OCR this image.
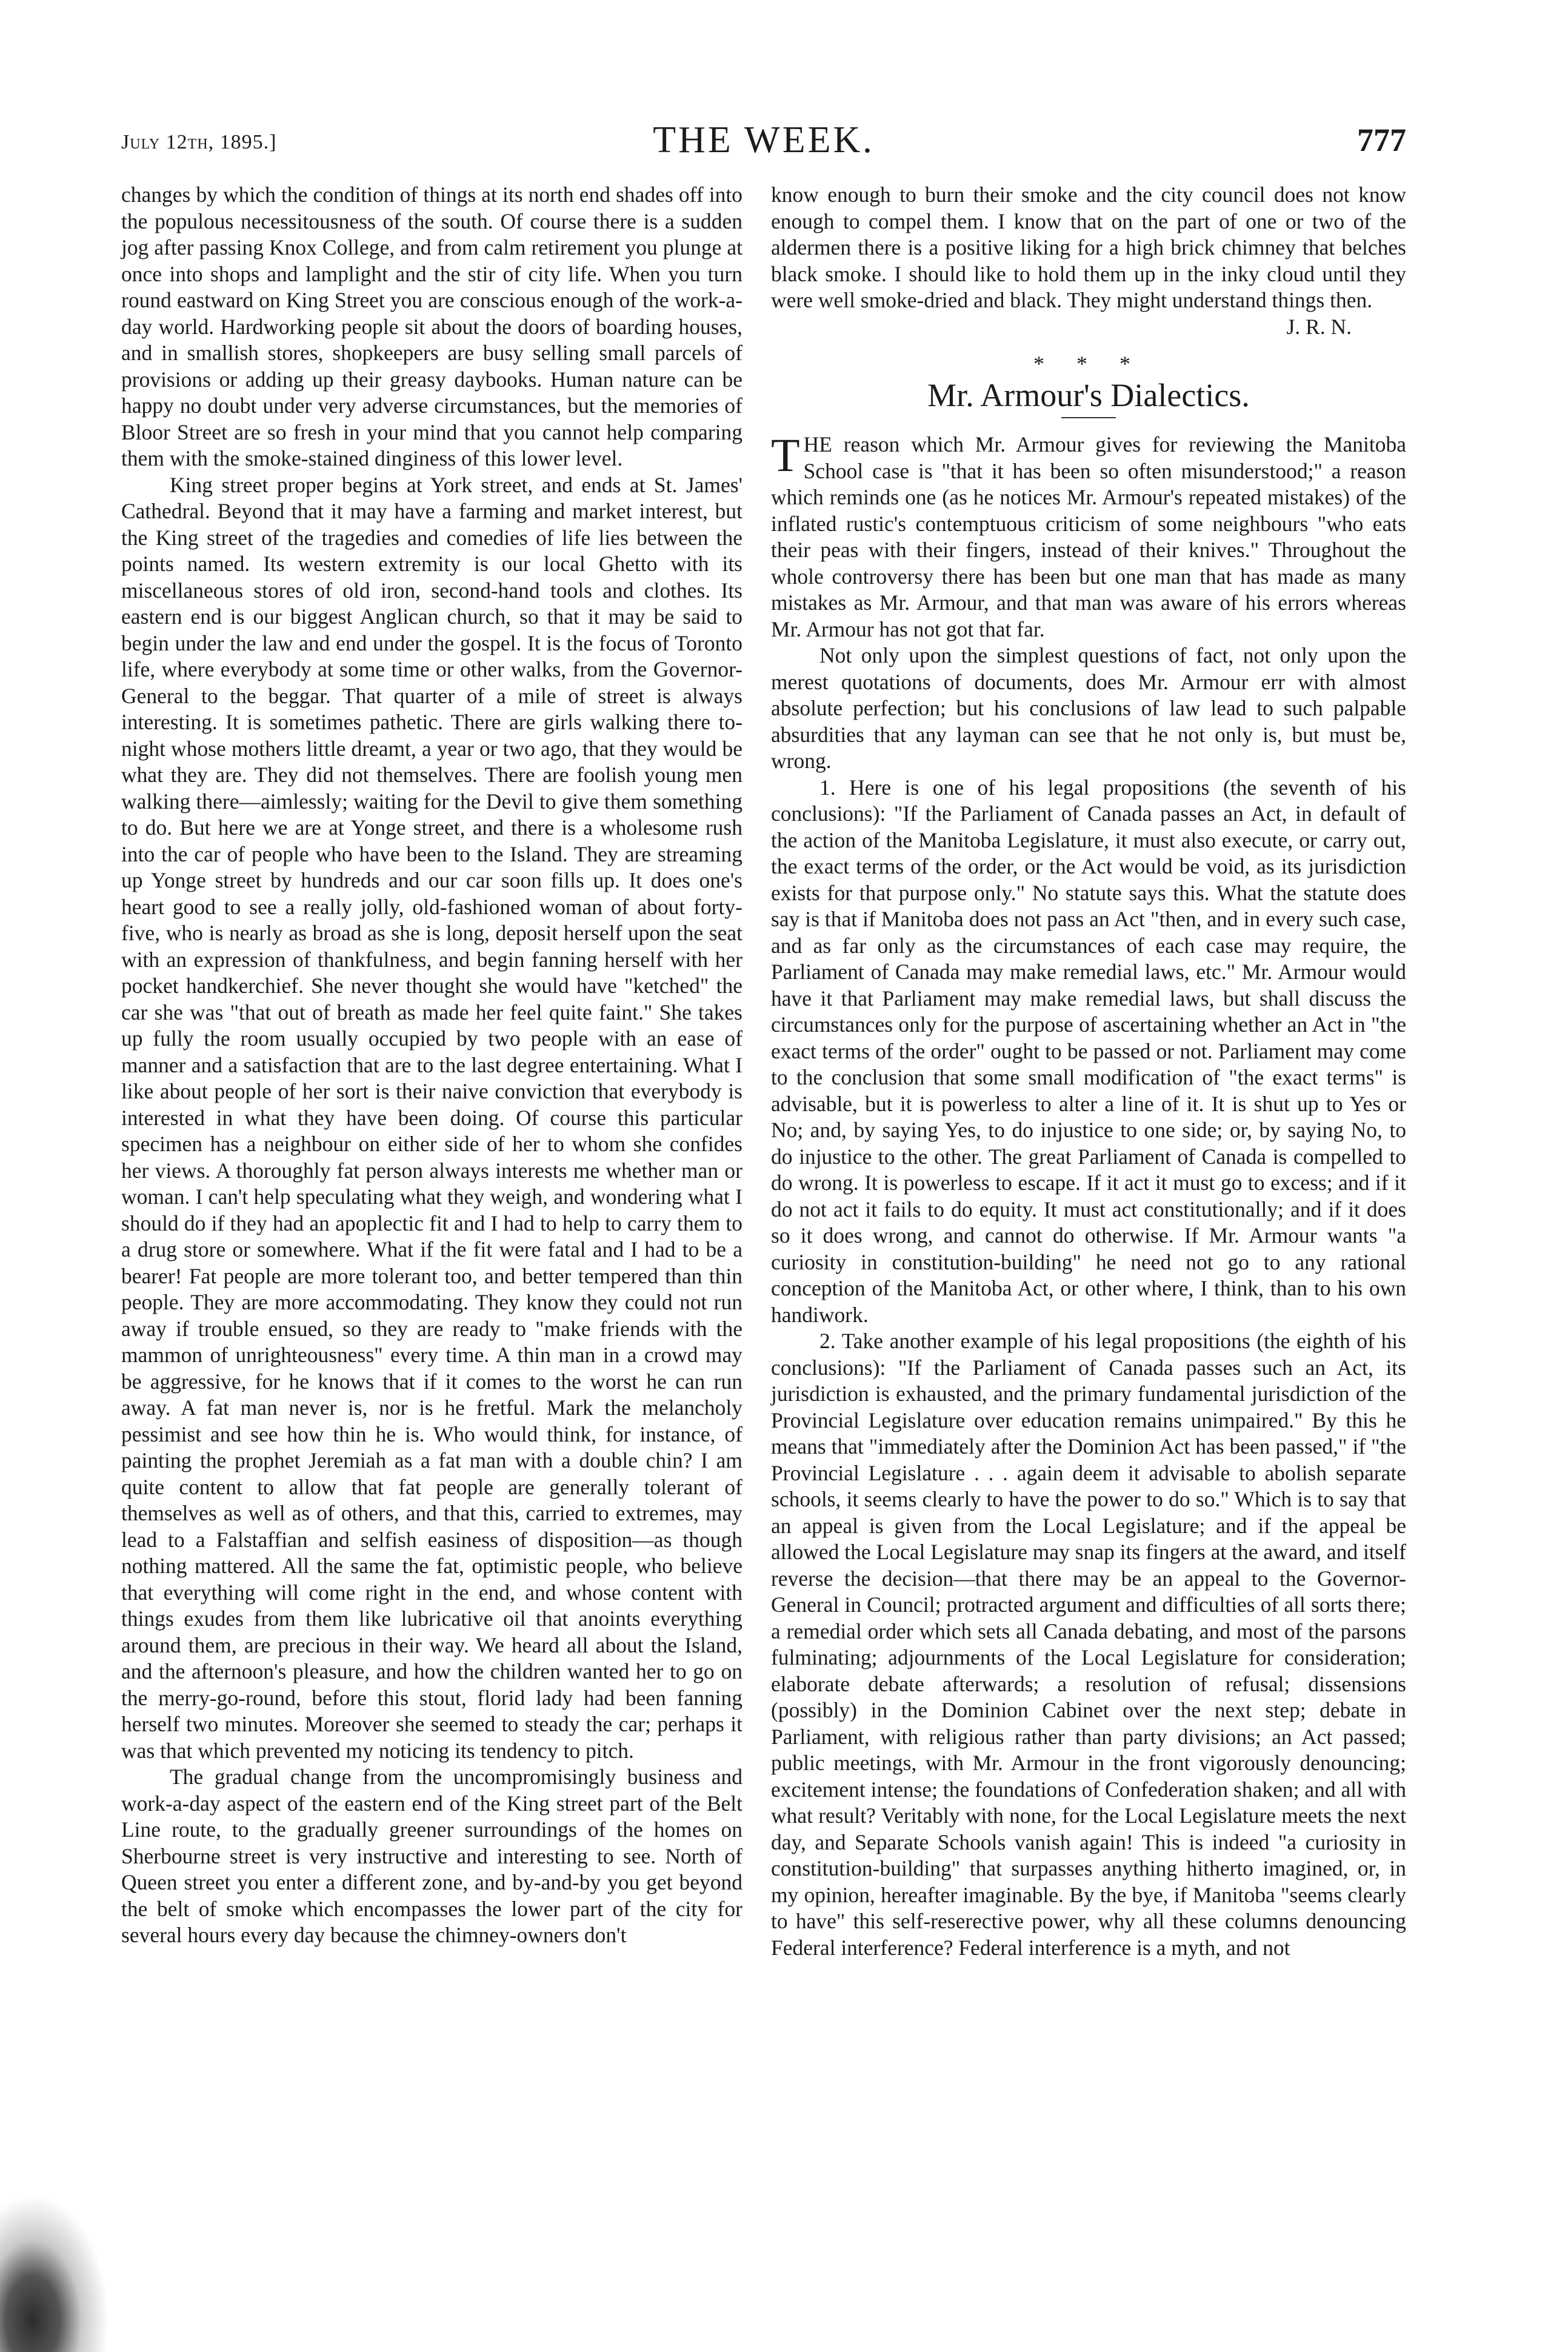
July 12th, 1895.]	THE WEEK.	777

changes by which the condition of things at its north end shades off into the populous necessitousness of the south. Of course there is a sudden jog after passing Knox College, and from calm retirement you plunge at once into shops and lamplight and the stir of city life. When you turn round eastward on King Street you are conscious enough of the work-a-day world. Hardworking people sit about the doors of boarding houses, and in smallish stores, shopkeepers are busy selling small parcels of provisions or adding up their greasy daybooks. Human nature can be happy no doubt under very adverse circumstances, but the memories of Bloor Street are so fresh in your mind that you cannot help comparing them with the smoke-stained dinginess of this lower level.

King street proper begins at York street, and ends at St. James' Cathedral. Beyond that it may have a farming and market interest, but the King street of the tragedies and comedies of life lies between the points named. Its western extremity is our local Ghetto with its miscellaneous stores of old iron, second-hand tools and clothes. Its eastern end is our biggest Anglican church, so that it may be said to begin under the law and end under the gospel. It is the focus of Toronto life, where everybody at some time or other walks, from the Governor-General to the beggar. That quarter of a mile of street is always interesting. It is sometimes pathetic. There are girls walking there to-night whose mothers little dreamt, a year or two ago, that they would be what they are. They did not themselves. There are foolish young men walking there—aimlessly; waiting for the Devil to give them something to do. But here we are at Yonge street, and there is a wholesome rush into the car of people who have been to the Island. They are streaming up Yonge street by hundreds and our car soon fills up. It does one's heart good to see a really jolly, old-fashioned woman of about forty-five, who is nearly as broad as she is long, deposit herself upon the seat with an expression of thankfulness, and begin fanning herself with her pocket handkerchief. She never thought she would have "ketched" the car she was "that out of breath as made her feel quite faint." She takes up fully the room usually occupied by two people with an ease of manner and a satisfaction that are to the last degree entertaining. What I like about people of her sort is their naive conviction that everybody is interested in what they have been doing. Of course this particular specimen has a neighbour on either side of her to whom she confides her views. A thoroughly fat person always interests me whether man or woman. I can't help speculating what they weigh, and wondering what I should do if they had an apoplectic fit and I had to help to carry them to a drug store or somewhere. What if the fit were fatal and I had to be a bearer! Fat people are more tolerant too, and better tempered than thin people. They are more accommodating. They know they could not run away if trouble ensued, so they are ready to "make friends with the mammon of unrighteousness" every time. A thin man in a crowd may be aggressive, for he knows that if it comes to the worst he can run away. A fat man never is, nor is he fretful. Mark the melancholy pessimist and see how thin he is. Who would think, for instance, of painting the prophet Jeremiah as a fat man with a double chin? I am quite content to allow that fat people are generally tolerant of themselves as well as of others, and that this, carried to extremes, may lead to a Falstaffian and selfish easiness of disposition—as though nothing mattered. All the same the fat, optimistic people, who believe that everything will come right in the end, and whose content with things exudes from them like lubricative oil that anoints everything around them, are precious in their way. We heard all about the Island, and the afternoon's pleasure, and how the children wanted her to go on the merry-go-round, before this stout, florid lady had been fanning herself two minutes. Moreover she seemed to steady the car; perhaps it was that which prevented my noticing its tendency to pitch.

The gradual change from the uncompromisingly business and work-a-day aspect of the eastern end of the King street part of the Belt Line route, to the gradually greener surroundings of the homes on Sherbourne street is very instructive and interesting to see. North of Queen street you enter a different zone, and by-and-by you get beyond the belt of smoke which encompasses the lower part of the city for several hours every day because the chimney-owners don't

know enough to burn their smoke and the city council does not know enough to compel them. I know that on the part of one or two of the aldermen there is a positive liking for a high brick chimney that belches black smoke. I should like to hold them up in the inky cloud until they were well smoke-dried and black. They might understand things then.

J. R. N.

* * *
Mr. Armour's Dialectics.

THE reason which Mr. Armour gives for reviewing the Manitoba School case is "that it has been so often misunderstood;" a reason which reminds one (as he notices Mr. Armour's repeated mistakes) of the inflated rustic's contemptuous criticism of some neighbours "who eats their peas with their fingers, instead of their knives." Throughout the whole controversy there has been but one man that has made as many mistakes as Mr. Armour, and that man was aware of his errors whereas Mr. Armour has not got that far.

Not only upon the simplest questions of fact, not only upon the merest quotations of documents, does Mr. Armour err with almost absolute perfection; but his conclusions of law lead to such palpable absurdities that any layman can see that he not only is, but must be, wrong.

1. Here is one of his legal propositions (the seventh of his conclusions): "If the Parliament of Canada passes an Act, in default of the action of the Manitoba Legislature, it must also execute, or carry out, the exact terms of the order, or the Act would be void, as its jurisdiction exists for that purpose only." No statute says this. What the statute does say is that if Manitoba does not pass an Act "then, and in every such case, and as far only as the circumstances of each case may require, the Parliament of Canada may make remedial laws, etc." Mr. Armour would have it that Parliament may make remedial laws, but shall discuss the circumstances only for the purpose of ascertaining whether an Act in "the exact terms of the order" ought to be passed or not. Parliament may come to the conclusion that some small modification of "the exact terms" is advisable, but it is powerless to alter a line of it. It is shut up to Yes or No; and, by saying Yes, to do injustice to one side; or, by saying No, to do injustice to the other. The great Parliament of Canada is compelled to do wrong. It is powerless to escape. If it act it must go to excess; and if it do not act it fails to do equity. It must act constitutionally; and if it does so it does wrong, and cannot do otherwise. If Mr. Armour wants "a curiosity in constitution-building" he need not go to any rational conception of the Manitoba Act, or other where, I think, than to his own handiwork.

2. Take another example of his legal propositions (the eighth of his conclusions): "If the Parliament of Canada passes such an Act, its jurisdiction is exhausted, and the primary fundamental jurisdiction of the Provincial Legislature over education remains unimpaired." By this he means that "immediately after the Dominion Act has been passed," if "the Provincial Legislature . . . again deem it advisable to abolish separate schools, it seems clearly to have the power to do so." Which is to say that an appeal is given from the Local Legislature; and if the appeal be allowed the Local Legislature may snap its fingers at the award, and itself reverse the decision—that there may be an appeal to the Governor-General in Council; protracted argument and difficulties of all sorts there; a remedial order which sets all Canada debating, and most of the parsons fulminating; adjournments of the Local Legislature for consideration; elaborate debate afterwards; a resolution of refusal; dissensions (possibly) in the Dominion Cabinet over the next step; debate in Parliament, with religious rather than party divisions; an Act passed; public meetings, with Mr. Armour in the front vigorously denouncing; excitement intense; the foundations of Confederation shaken; and all with what result? Veritably with none, for the Local Legislature meets the next day, and Separate Schools vanish again! This is indeed "a curiosity in constitution-building" that surpasses anything hitherto imagined, or, in my opinion, hereafter imaginable. By the bye, if Manitoba "seems clearly to have" this self-reserective power, why all these columns denouncing Federal interference? Federal interference is a myth, and not
